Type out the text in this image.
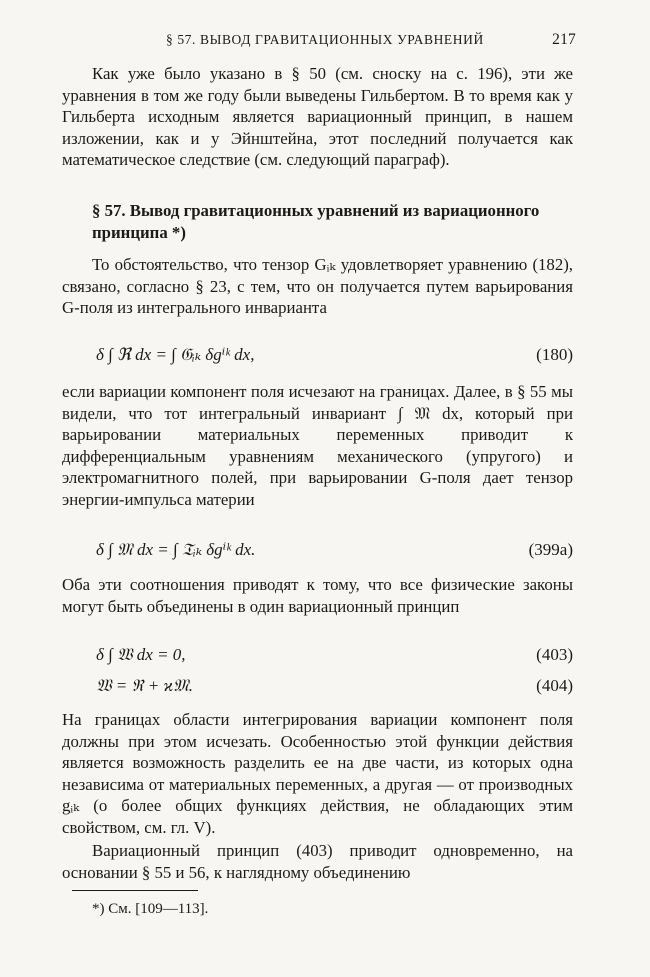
§ 57. ВЫВОД ГРАВИТАЦИОННЫХ УРАВНЕНИЙ	217

Как уже было указано в § 50 (см. сноску на с. 196), эти же уравнения в том же году были выведены Гильбертом. В то время как у Гильберта исходным является вариационный принцип, в нашем изложении, как и у Эйнштейна, этот последний получается как математическое следствие (см. следующий параграф).

§ 57. Вывод гравитационных уравнений из вариационного принципа *)

То обстоятельство, что тензор Gᵢₖ удовлетворяет уравнению (182), связано, согласно § 23, с тем, что он получается путем варьирования G-поля из интегрального инварианта

δ ∫ ℜ dx = ∫ 𝔊ᵢₖ δgⁱᵏ dx,	(180)

если вариации компонент поля исчезают на границах. Далее, в § 55 мы видели, что тот интегральный инвариант ∫ 𝔐 dx, который при варьировании материальных переменных приводит к дифференциальным уравнениям механического (упругого) и электромагнитного полей, при варьировании G-поля дает тензор энергии-импульса материи

δ ∫ 𝔐 dx = ∫ 𝔗ᵢₖ δgⁱᵏ dx.	(399a)

Оба эти соотношения приводят к тому, что все физические законы могут быть объединены в один вариационный принцип

δ ∫ 𝔚 dx = 0,	(403)
𝔚 = ℜ + ϰ𝔐.	(404)

На границах области интегрирования вариации компонент поля должны при этом исчезать. Особенностью этой функции действия является возможность разделить ее на две части, из которых одна независима от материальных переменных, а другая — от производных gᵢₖ (о более общих функциях действия, не обладающих этим свойством, см. гл. V).

Вариационный принцип (403) приводит одновременно, на основании § 55 и 56, к наглядному объединению

*) См. [109—113].
